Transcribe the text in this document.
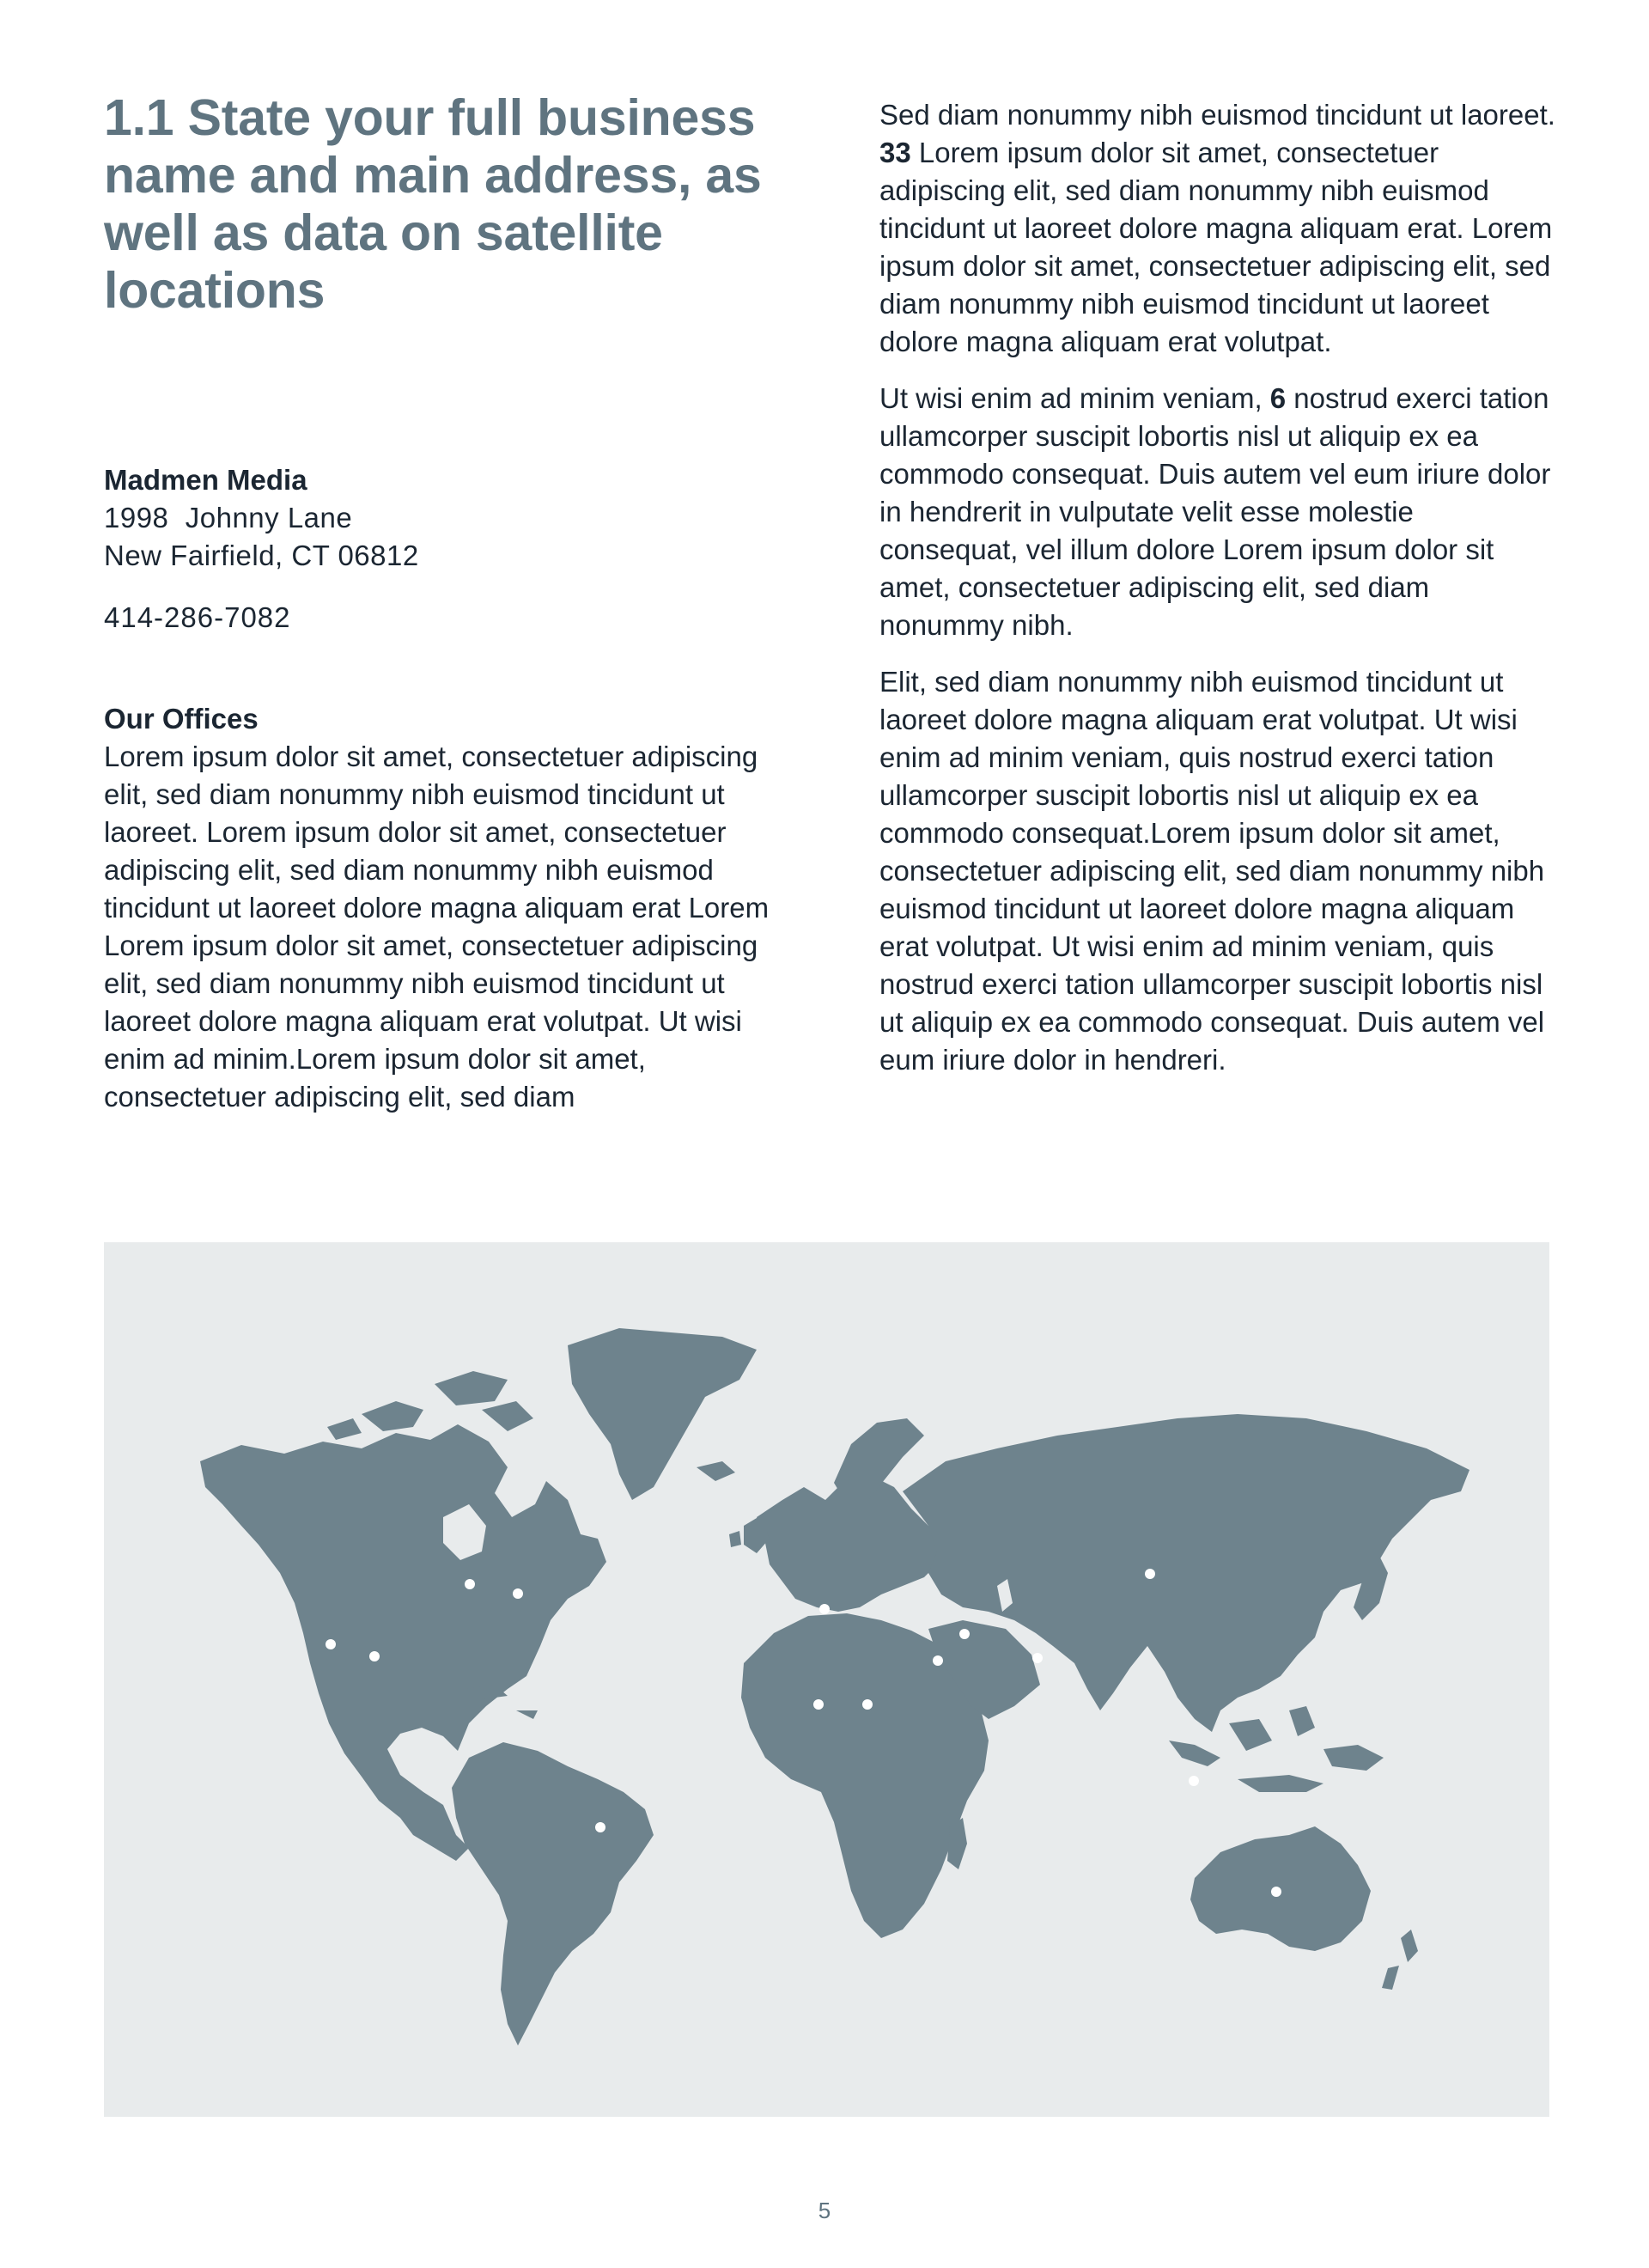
1.1 State your full business name and main address, as well as data on satellite locations
Madmen Media
1998  Johnny Lane
New Fairfield, CT 06812
414-286-7082
Our Offices

Lorem ipsum dolor sit amet, consectetuer adipiscing elit, sed diam nonummy nibh euismod tincidunt ut laoreet. Lorem ipsum dolor sit amet, consectetuer adipiscing elit, sed diam nonummy nibh euismod tincidunt ut laoreet dolore magna aliquam erat Lorem Lorem ipsum dolor sit amet, consectetuer adipiscing elit, sed diam nonummy nibh euismod tincidunt ut laoreet dolore magna aliquam erat volutpat. Ut wisi enim ad minim.Lorem ipsum dolor sit amet, consectetuer adipiscing elit, sed diam

Sed diam nonummy nibh euismod tincidunt ut laoreet. 33 Lorem ipsum dolor sit amet, consectetuer adipiscing elit, sed diam nonummy nibh euismod tincidunt ut laoreet dolore magna aliquam erat. Lorem ipsum dolor sit amet, consectetuer adipiscing elit, sed diam nonummy nibh euismod tincidunt ut laoreet dolore magna aliquam erat volutpat.

Ut wisi enim ad minim veniam, 6 nostrud exerci tation ullamcorper suscipit lobortis nisl ut aliquip ex ea commodo consequat. Duis autem vel eum iriure dolor in hendrerit in vulputate velit esse molestie consequat, vel illum dolore Lorem ipsum dolor sit amet, consectetuer adipiscing elit, sed diam nonummy nibh.

Elit, sed diam nonummy nibh euismod tincidunt ut laoreet dolore magna aliquam erat volutpat. Ut wisi enim ad minim veniam, quis nostrud exerci tation ullamcorper suscipit lobortis nisl ut aliquip ex ea commodo consequat.Lorem ipsum dolor sit amet, consectetuer adipiscing elit, sed diam nonummy nibh euismod tincidunt ut laoreet dolore magna aliquam erat volutpat. Ut wisi enim ad minim veniam, quis nostrud exerci tation ullamcorper suscipit lobortis nisl ut aliquip ex ea commodo consequat. Duis autem vel eum iriure dolor in hendreri.

5
